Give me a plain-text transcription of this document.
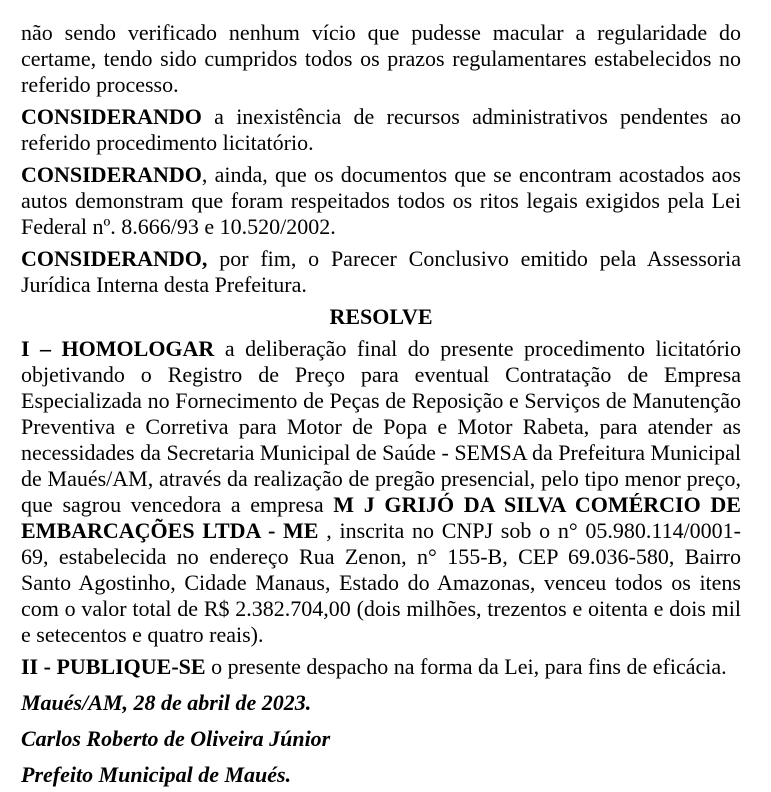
não sendo verificado nenhum vício que pudesse macular a regularidade do certame, tendo sido cumpridos todos os prazos regulamentares estabelecidos no referido processo.

CONSIDERANDO a inexistência de recursos administrativos pendentes ao referido procedimento licitatório.

CONSIDERANDO, ainda, que os documentos que se encontram acostados aos autos demonstram que foram respeitados todos os ritos legais exigidos pela Lei Federal nº. 8.666/93 e 10.520/2002.

CONSIDERANDO, por fim, o Parecer Conclusivo emitido pela Assessoria Jurídica Interna desta Prefeitura.

RESOLVE

I – HOMOLOGAR a deliberação final do presente procedimento licitatório objetivando o Registro de Preço para eventual Contratação de Empresa Especializada no Fornecimento de Peças de Reposição e Serviços de Manutenção Preventiva e Corretiva para Motor de Popa e Motor Rabeta, para atender as necessidades da Secretaria Municipal de Saúde - SEMSA da Prefeitura Municipal de Maués/AM, através da realização de pregão presencial, pelo tipo menor preço, que sagrou vencedora a empresa M J GRIJÓ DA SILVA COMÉRCIO DE EMBARCAÇÕES LTDA - ME , inscrita no CNPJ sob o n° 05.980.114/0001-69, estabelecida no endereço Rua Zenon, n° 155-B, CEP 69.036-580, Bairro Santo Agostinho, Cidade Manaus, Estado do Amazonas, venceu todos os itens com o valor total de R$ 2.382.704,00 (dois milhões, trezentos e oitenta e dois mil e setecentos e quatro reais).

II - PUBLIQUE-SE o presente despacho na forma da Lei, para fins de eficácia.

Maués/AM, 28 de abril de 2023.

Carlos Roberto de Oliveira Júnior

Prefeito Municipal de Maués.
